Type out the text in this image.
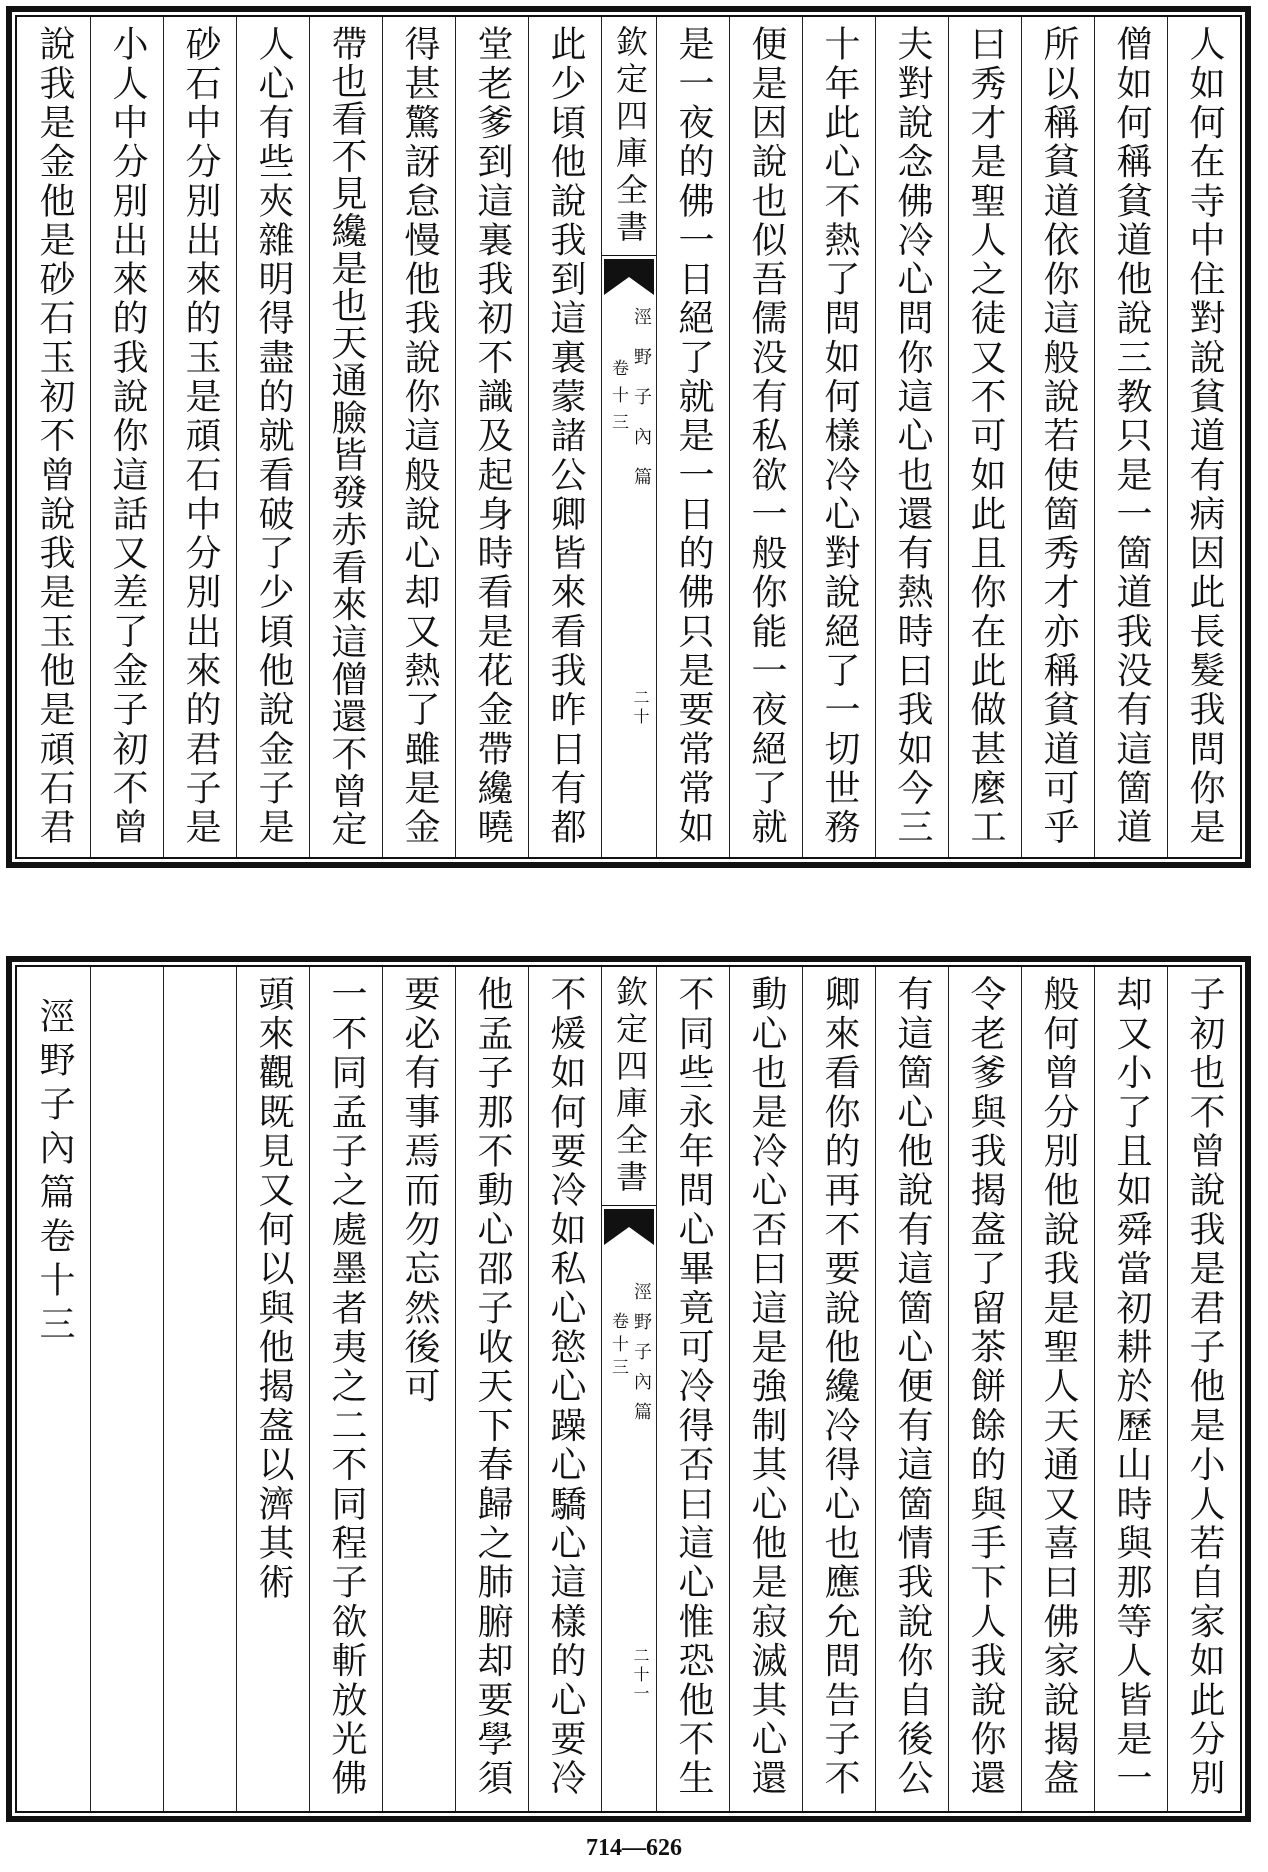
人如何在寺中住對說貧道有病因此長髮我問你是
僧如何稱貧道他說三教只是一箇道我没有這箇道
所以稱貧道依你這般說若使箇秀才亦稱貧道可乎
曰秀才是聖人之徒又不可如此且你在此做甚麼工
夫對說念佛冷心問你這心也還有熱時曰我如今三
十年此心不熱了問如何樣冷心對說絕了一切世務
便是因說也似吾儒没有私欲一般你能一夜絕了就
是一夜的佛一日絕了就是一日的佛只是要常常如
欽定四庫全書
涇野子內篇
卷十三
二十
此少頃他說我到這裏蒙諸公卿皆來看我昨日有都
堂老爹到這裏我初不識及起身時看是花金帶纔曉
得甚驚訝怠慢他我說你這般說心却又熱了雖是金
帶也看不見纔是也天通臉皆發赤看來這僧還不曾定
人心有些夾雜明得盡的就看破了少頃他說金子是
砂石中分別出來的玉是頑石中分別出來的君子是
小人中分別出來的我說你這話又差了金子初不曾
說我是金他是砂石玉初不曾說我是玉他是頑石君
子初也不曾說我是君子他是小人若自家如此分別
却又小了且如舜當初耕於歷山時與那等人皆是一
般何曾分別他說我是聖人天通又喜曰佛家說揭盋
令老爹與我揭盋了留茶餅餘的與手下人我說你還
有這箇心他說有這箇心便有這箇情我說你自後公
卿來看你的再不要說他纔冷得心也應允問告子不
動心也是冷心否曰這是強制其心他是寂滅其心還
不同些永年問心畢竟可冷得否曰這心惟恐他不生
欽定四庫全書
涇野子內篇
卷十三
二十一
不煖如何要冷如私心慾心躁心驕心這樣的心要冷
他孟子那不動心邵子收天下春歸之肺腑却要學須
要必有事焉而勿忘然後可
一不同孟子之處墨者夷之二不同程子欲斬放光佛
頭來觀既見又何以與他揭盋以濟其術
涇野子內篇卷十三
714—626
